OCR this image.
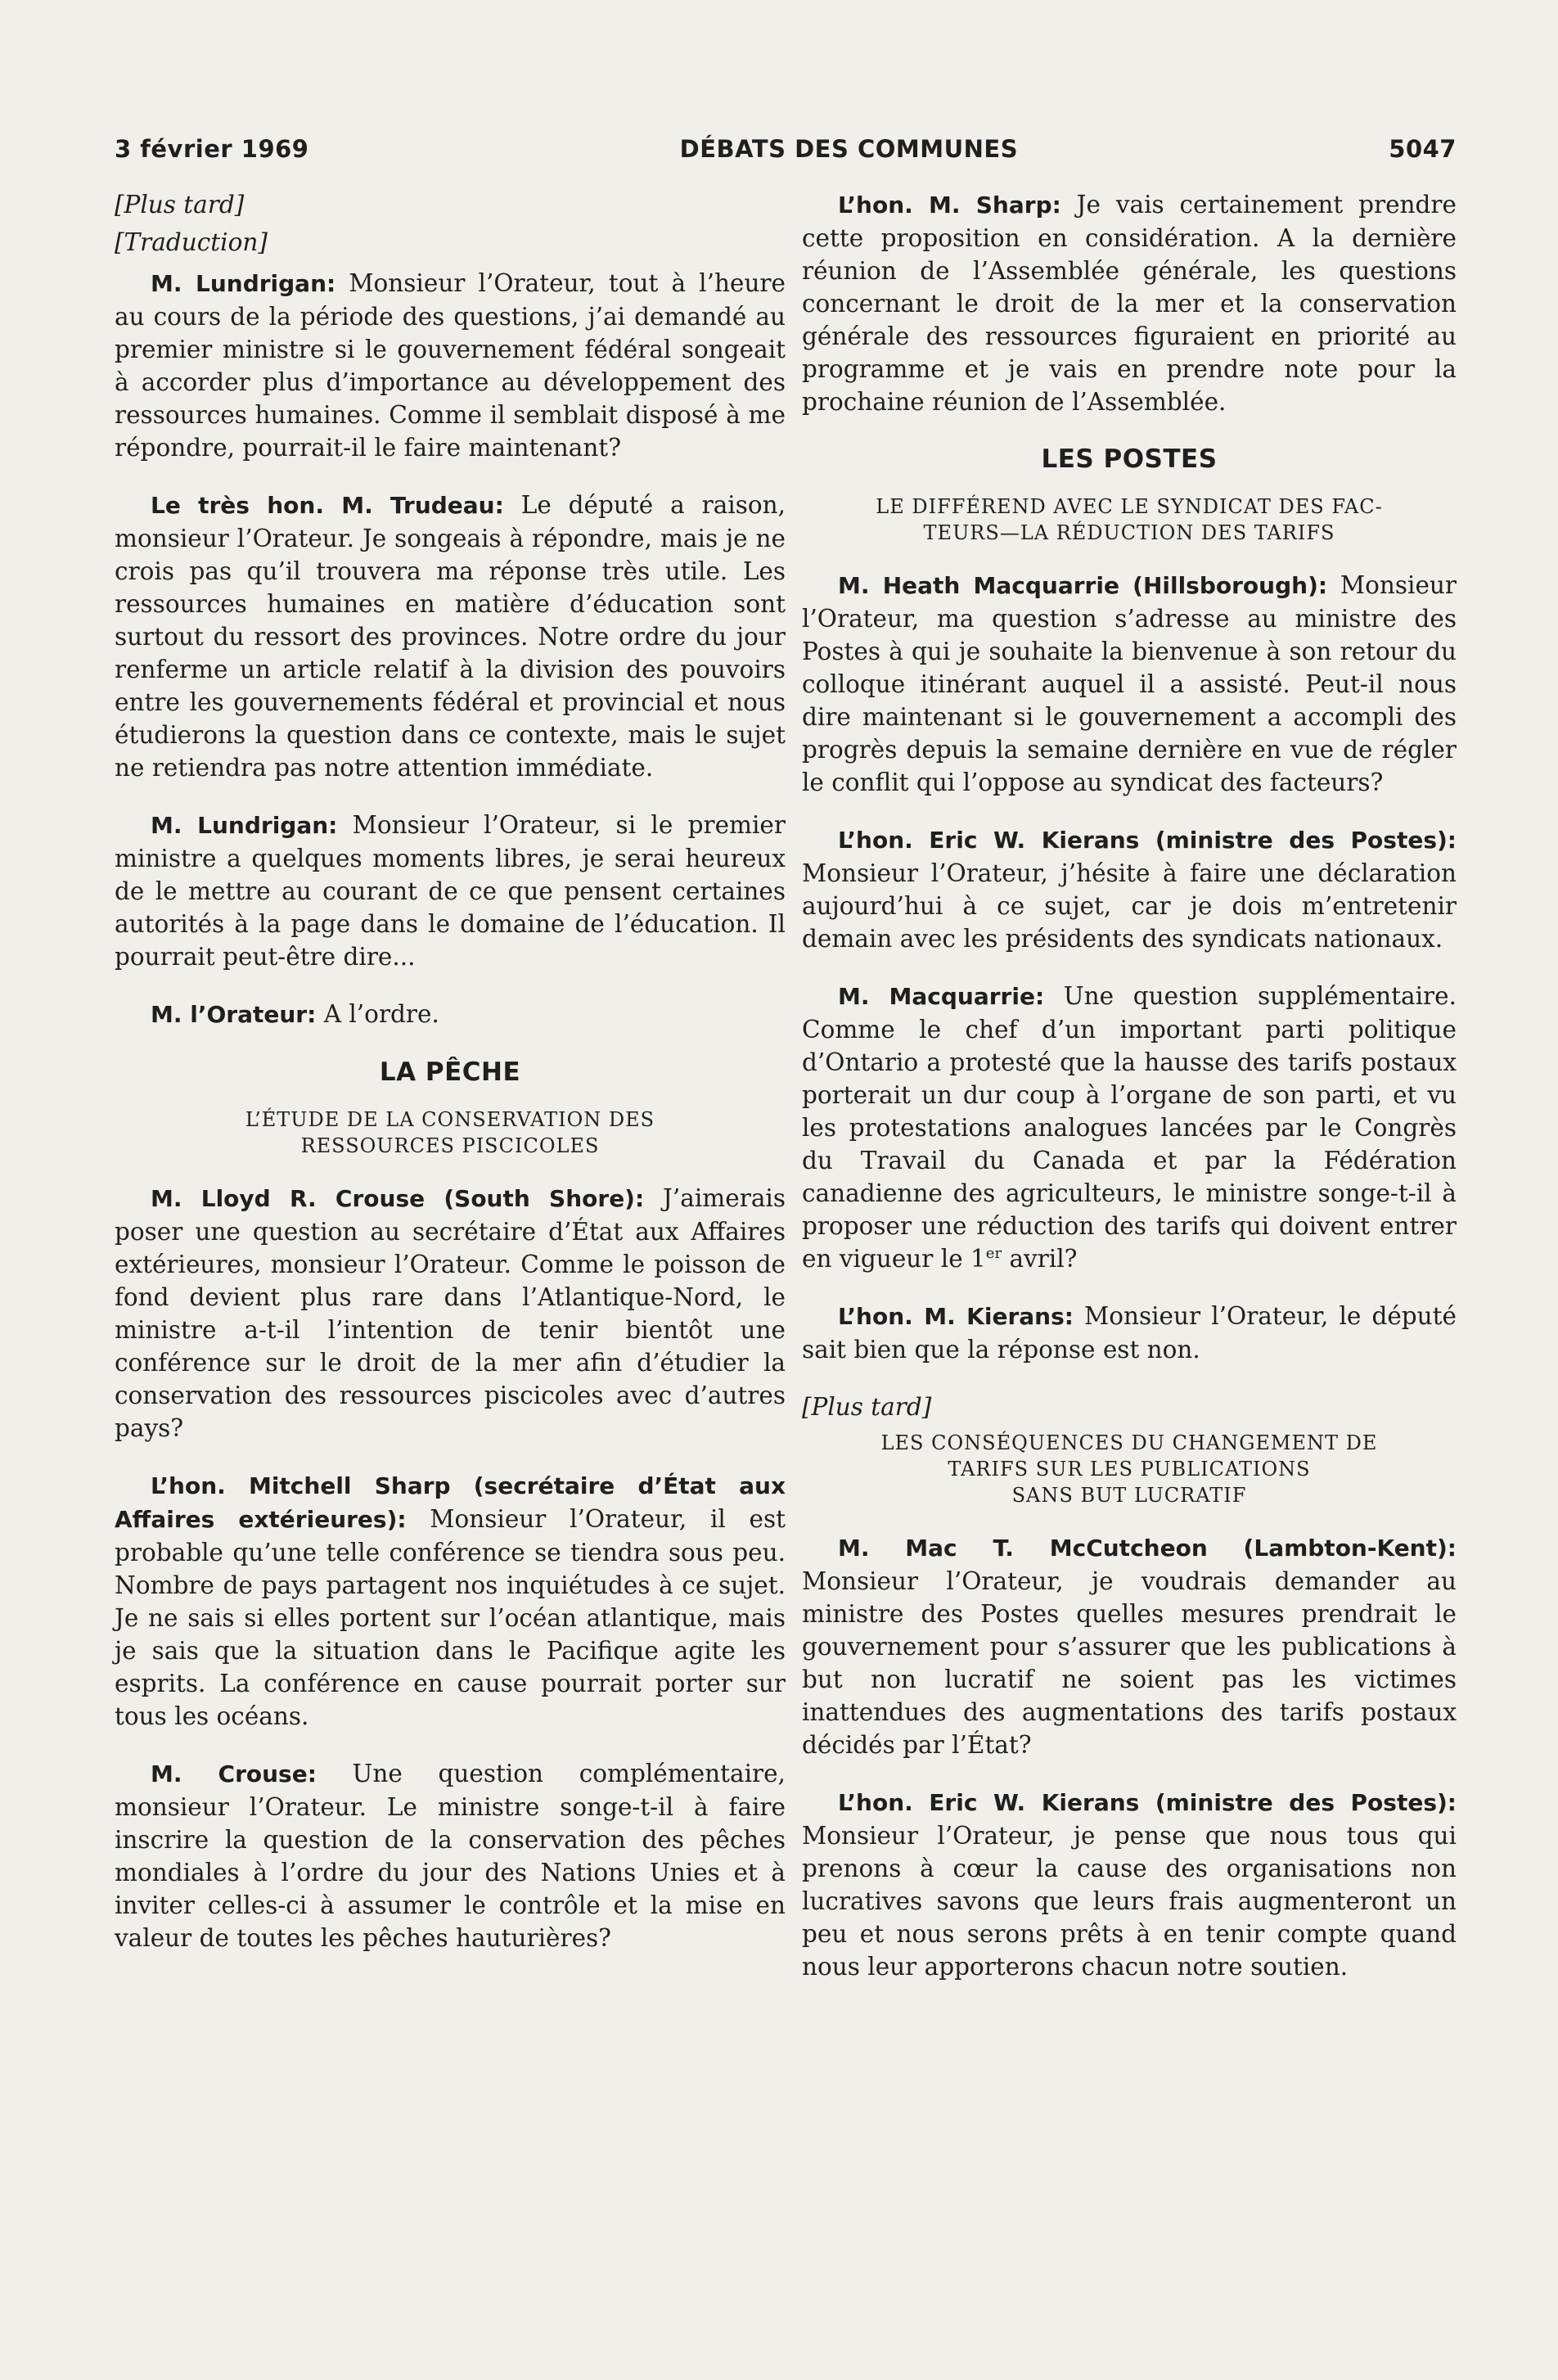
3 février 1969	DÉBATS DES COMMUNES	5047

[Plus tard]

[Traduction]

M. Lundrigan: Monsieur l’Orateur, tout à l’heure au cours de la période des questions, j’ai demandé au premier ministre si le gouvernement fédéral songeait à accorder plus d’importance au développement des ressources humaines. Comme il semblait disposé à me répondre, pourrait-il le faire maintenant?

Le très hon. M. Trudeau: Le député a raison, monsieur l’Orateur. Je songeais à répondre, mais je ne crois pas qu’il trouvera ma réponse très utile. Les ressources humaines en matière d’éducation sont surtout du ressort des provinces. Notre ordre du jour renferme un article relatif à la division des pouvoirs entre les gouvernements fédéral et provincial et nous étudierons la question dans ce contexte, mais le sujet ne retiendra pas notre attention immédiate.

M. Lundrigan: Monsieur l’Orateur, si le premier ministre a quelques moments libres, je serai heureux de le mettre au courant de ce que pensent certaines autorités à la page dans le domaine de l’éducation. Il pourrait peut-être dire...

M. l’Orateur: A l’ordre.

LA PÊCHE
L’ÉTUDE DE LA CONSERVATION DES
RESSOURCES PISCICOLES

M. Lloyd R. Crouse (South Shore): J’aimerais poser une question au secrétaire d’État aux Affaires extérieures, monsieur l’Orateur. Comme le poisson de fond devient plus rare dans l’Atlantique-Nord, le ministre a-t-il l’intention de tenir bientôt une conférence sur le droit de la mer afin d’étudier la conservation des ressources piscicoles avec d’autres pays?

L’hon. Mitchell Sharp (secrétaire d’État aux Affaires extérieures): Monsieur l’Orateur, il est probable qu’une telle conférence se tiendra sous peu. Nombre de pays partagent nos inquiétudes à ce sujet. Je ne sais si elles portent sur l’océan atlantique, mais je sais que la situation dans le Pacifique agite les esprits. La conférence en cause pourrait porter sur tous les océans.

M. Crouse: Une question complémentaire, monsieur l’Orateur. Le ministre songe-t-il à faire inscrire la question de la conservation des pêches mondiales à l’ordre du jour des Nations Unies et à inviter celles-ci à assumer le contrôle et la mise en valeur de toutes les pêches hauturières?

L’hon. M. Sharp: Je vais certainement prendre cette proposition en considération. A la dernière réunion de l’Assemblée générale, les questions concernant le droit de la mer et la conservation générale des ressources figuraient en priorité au programme et je vais en prendre note pour la prochaine réunion de l’Assemblée.

LES POSTES
LE DIFFÉREND AVEC LE SYNDICAT DES FAC-
TEURS—LA RÉDUCTION DES TARIFS

M. Heath Macquarrie (Hillsborough): Monsieur l’Orateur, ma question s’adresse au ministre des Postes à qui je souhaite la bienvenue à son retour du colloque itinérant auquel il a assisté. Peut-il nous dire maintenant si le gouvernement a accompli des progrès depuis la semaine dernière en vue de régler le conflit qui l’oppose au syndicat des facteurs?

L’hon. Eric W. Kierans (ministre des Postes): Monsieur l’Orateur, j’hésite à faire une déclaration aujourd’hui à ce sujet, car je dois m’entretenir demain avec les présidents des syndicats nationaux.

M. Macquarrie: Une question supplémentaire. Comme le chef d’un important parti politique d’Ontario a protesté que la hausse des tarifs postaux porterait un dur coup à l’organe de son parti, et vu les protestations analogues lancées par le Congrès du Travail du Canada et par la Fédération canadienne des agriculteurs, le ministre songe-t-il à proposer une réduction des tarifs qui doivent entrer en vigueur le 1er avril?

L’hon. M. Kierans: Monsieur l’Orateur, le député sait bien que la réponse est non.

[Plus tard]

LES CONSÉQUENCES DU CHANGEMENT DE
TARIFS SUR LES PUBLICATIONS
SANS BUT LUCRATIF

M. Mac T. McCutcheon (Lambton-Kent): Monsieur l’Orateur, je voudrais demander au ministre des Postes quelles mesures prendrait le gouvernement pour s’assurer que les publications à but non lucratif ne soient pas les victimes inattendues des augmentations des tarifs postaux décidés par l’État?

L’hon. Eric W. Kierans (ministre des Postes): Monsieur l’Orateur, je pense que nous tous qui prenons à cœur la cause des organisations non lucratives savons que leurs frais augmenteront un peu et nous serons prêts à en tenir compte quand nous leur apporterons chacun notre soutien.
